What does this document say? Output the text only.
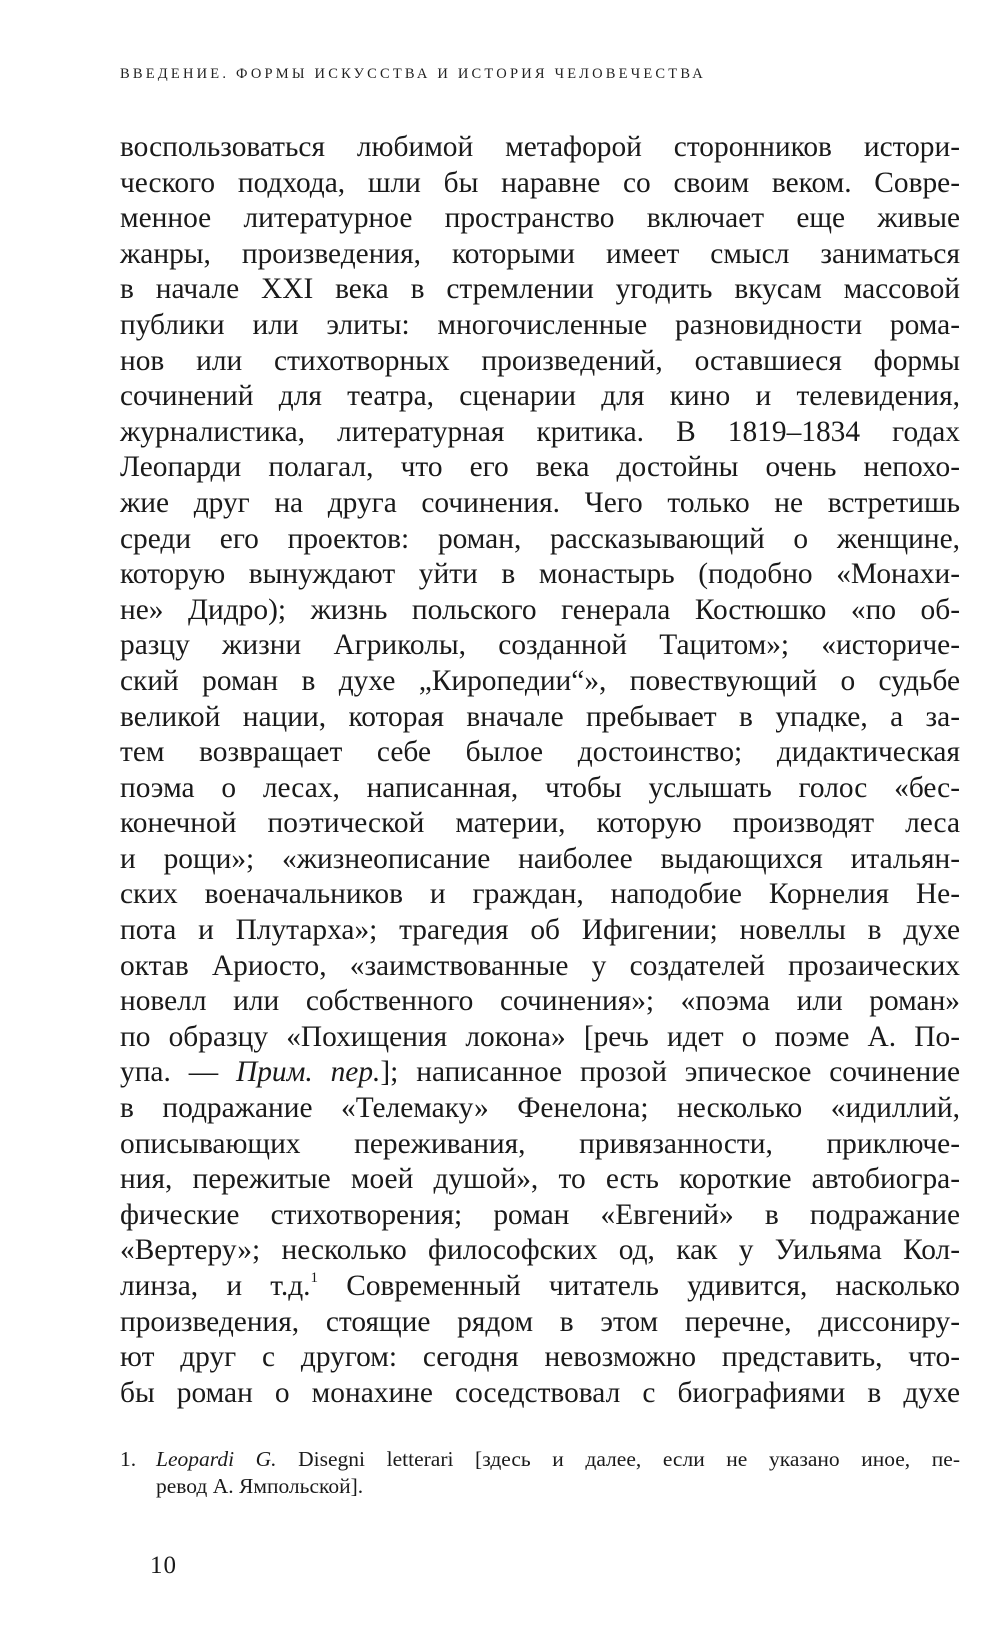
ВВЕДЕНИЕ. ФОРМЫ ИСКУССТВА И ИСТОРИЯ ЧЕЛОВЕЧЕСТВА
воспользоваться любимой метафорой сторонников истори-
ческого подхода, шли бы наравне со своим веком. Совре-
менное литературное пространство включает еще живые
жанры, произведения, которыми имеет смысл заниматься
в начале XXI века в стремлении угодить вкусам массовой
публики или элиты: многочисленные разновидности рома-
нов или стихотворных произведений, оставшиеся формы
сочинений для театра, сценарии для кино и телевидения,
журналистика, литературная критика. В 1819–1834 годах
Леопарди полагал, что его века достойны очень непохо-
жие друг на друга сочинения. Чего только не встретишь
среди его проектов: роман, рассказывающий о женщине,
которую вынуждают уйти в монастырь (подобно «Монахи-
не» Дидро); жизнь польского генерала Костюшко «по об-
разцу жизни Агриколы, созданной Тацитом»; «историче-
ский роман в духе „Киропедии“», повествующий о судьбе
великой нации, которая вначале пребывает в упадке, а за-
тем возвращает себе былое достоинство; дидактическая
поэма о лесах, написанная, чтобы услышать голос «бес-
конечной поэтической материи, которую производят леса
и рощи»; «жизнеописание наиболее выдающихся итальян-
ских военачальников и граждан, наподобие Корнелия Не-
пота и Плутарха»; трагедия об Ифигении; новеллы в духе
октав Ариосто, «заимствованные у создателей прозаических
новелл или собственного сочинения»; «поэма или роман»
по образцу «Похищения локона» [речь идет о поэме А. По-
упа. — Прим. пер.]; написанное прозой эпическое сочинение
в подражание «Телемаку» Фенелона; несколько «идиллий,
описывающих переживания, привязанности, приключе-
ния, пережитые моей душой», то есть короткие автобиогра-
фические стихотворения; роман «Евгений» в подражание
«Вертеру»; несколько философских од, как у Уильяма Кол-
линза, и т.д.$^1$ Современный читатель удивится, насколько
произведения, стоящие рядом в этом перечне, диссониру-
ют друг с другом: сегодня невозможно представить, что-
бы роман о монахине соседствовал с биографиями в духе
1. Leopardi G. Disegni letterari [здесь и далее, если не указано иное, пе-
ревод А. Ямпольской].
10
